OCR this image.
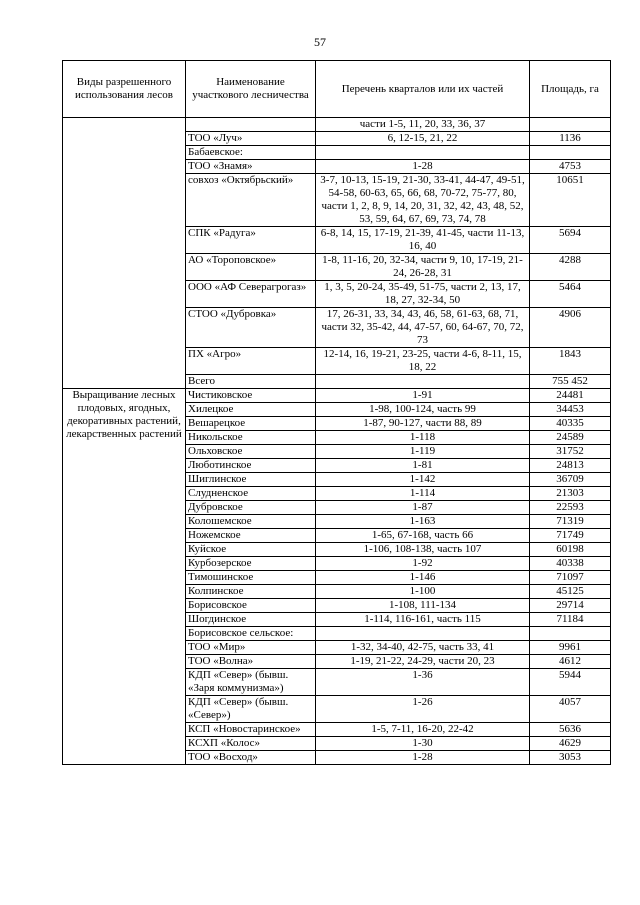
57
Виды разрешенного использования лесов	Наименование участкового лесничества	Перечень кварталов или их частей	Площадь, га
		части 1-5, 11, 20, 33, 36, 37	
	ТОО «Луч»	6, 12-15, 21, 22	1136
	Бабаевское:		
	ТОО «Знамя»	1-28	4753
	совхоз «Октябрьский»	3-7, 10-13, 15-19, 21-30, 33-41, 44-47, 49-51, 54-58, 60-63, 65, 66, 68, 70-72, 75-77, 80, части 1, 2, 8, 9, 14, 20, 31, 32, 42, 43, 48, 52, 53, 59, 64, 67, 69, 73, 74, 78	10651
	СПК «Радуга»	6-8, 14, 15, 17-19, 21-39, 41-45, части 11-13, 16, 40	5694
	АО «Тороповское»	1-8, 11-16, 20, 32-34, части 9, 10, 17-19, 21-24, 26-28, 31	4288
	ООО «АФ Северагрогаз»	1, 3, 5, 20-24, 35-49, 51-75, части 2, 13, 17, 18, 27, 32-34, 50	5464
	СТОО «Дубровка»	17, 26-31, 33, 34, 43, 46, 58, 61-63, 68, 71, части 32, 35-42, 44, 47-57, 60, 64-67, 70, 72, 73	4906
	ПХ «Агро»	12-14, 16, 19-21, 23-25, части 4-6, 8-11, 15, 18, 22	1843
	Всего		755 452
Выращивание лесных плодовых, ягодных, декоративных растений, лекарственных растений	Чистиковское	1-91	24481
	Хилецкое	1-98, 100-124, часть 99	34453
	Вешарецкое	1-87, 90-127, части 88, 89	40335
	Никольское	1-118	24589
	Ольховское	1-119	31752
	Люботинское	1-81	24813
	Шиглинское	1-142	36709
	Слудненское	1-114	21303
	Дубровское	1-87	22593
	Колошемское	1-163	71319
	Ножемское	1-65, 67-168, часть 66	71749
	Куйское	1-106, 108-138, часть 107	60198
	Курбозерское	1-92	40338
	Тимошинское	1-146	71097
	Колпинское	1-100	45125
	Борисовское	1-108, 111-134	29714
	Шогдинское	1-114, 116-161, часть 115	71184
	Борисовское сельское:		
	ТОО «Мир»	1-32, 34-40, 42-75, часть 33, 41	9961
	ТОО «Волна»	1-19, 21-22, 24-29, части 20, 23	4612
	КДП «Север» (бывш. «Заря коммунизма»)	1-36	5944
	КДП «Север» (бывш. «Север»)	1-26	4057
	КСП «Новостаринское»	1-5, 7-11, 16-20, 22-42	5636
	КСХП «Колос»	1-30	4629
	ТОО «Восход»	1-28	3053
